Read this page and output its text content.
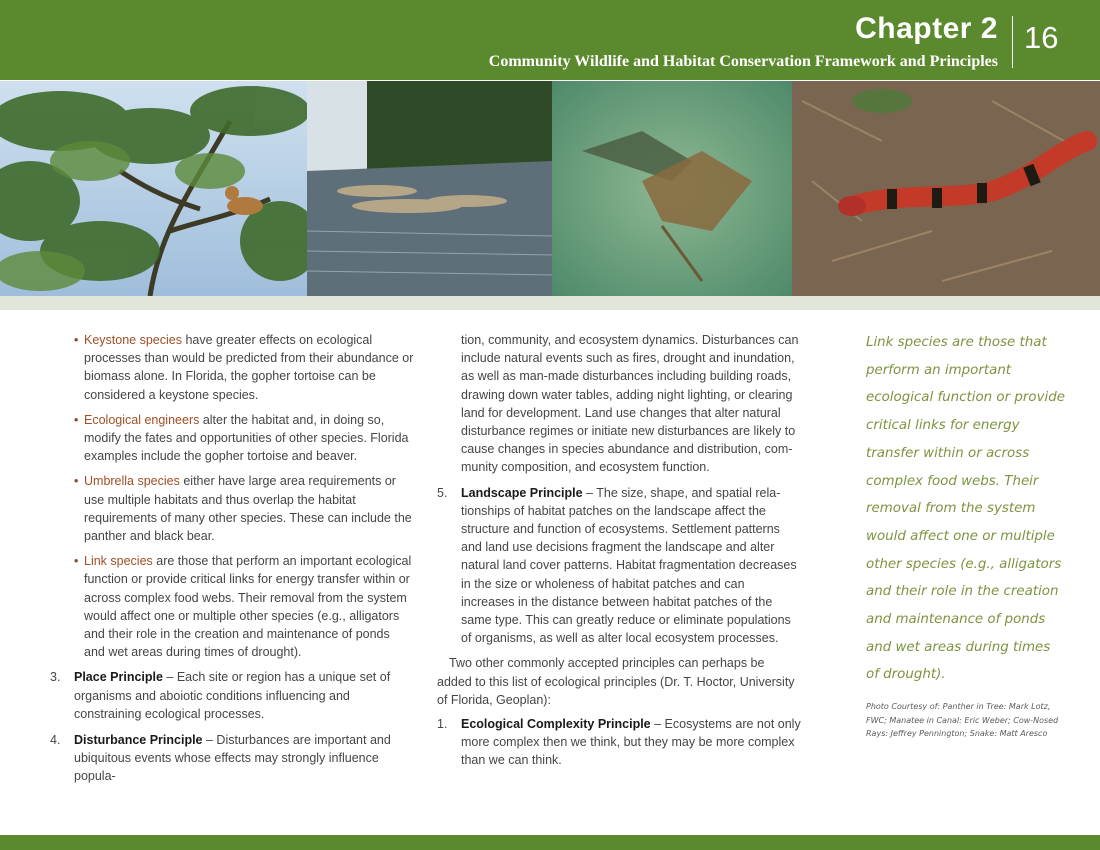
Chapter 2 16
Community Wildlife and Habitat Conservation Framework and Principles

• Keystone species have greater effects on ecological processes than would be predicted from their abundance or biomass alone. In Florida, the gopher tortoise can be considered a keystone species.

• Ecological engineers alter the habitat and, in doing so, modify the fates and opportunities of other species. Florida examples include the gopher tortoise and beaver.

• Umbrella species either have large area requirements or use multiple habitats and thus overlap the habitat requirements of many other species. These can include the panther and black bear.

• Link species are those that perform an important ecological function or provide critical links for energy transfer within or across complex food webs. Their removal from the system would affect one or multiple other species (e.g., alligators and their role in the creation and maintenance of ponds and wet areas during times of drought).

3. Place Principle – Each site or region has a unique set of organisms and aboiotic conditions influencing and constraining ecological processes.

4. Disturbance Principle – Disturbances are important and ubiquitous events whose effects may strongly influence popula-

tion, community, and ecosystem dynamics. Disturbances can include natural events such as fires, drought and inundation, as well as man-made disturbances including building roads, drawing down water tables, adding night lighting, or clearing land for development. Land use changes that alter natural disturbance regimes or initiate new disturbances are likely to cause changes in species abundance and distribution, com-munity composition, and ecosystem function.

5. Landscape Principle – The size, shape, and spatial rela-tionships of habitat patches on the landscape affect the structure and function of ecosystems. Settlement patterns and land use decisions fragment the landscape and alter natural land cover patterns. Habitat fragmentation decreases in the size or wholeness of habitat patches and can increases in the distance between habitat patches of the same type. This can greatly reduce or eliminate populations of organisms, as well as alter local ecosystem processes.

Two other commonly accepted principles can perhaps be added to this list of ecological principles (Dr. T. Hoctor, University of Florida, Geoplan):

1. Ecological Complexity Principle – Ecosystems are not only more complex then we think, but they may be more complex than we can think.

Link species are those that perform an important ecological function or provide critical links for energy transfer within or across complex food webs. Their removal from the system would affect one or multiple other species (e.g., alligators and their role in the creation and maintenance of ponds and wet areas during times of drought).
Photo Courtesy of: Panther in Tree: Mark Lotz, FWC; Manatee in Canal: Eric Weber; Cow-Nosed Rays: Jeffrey Pennington; Snake: Matt Aresco
